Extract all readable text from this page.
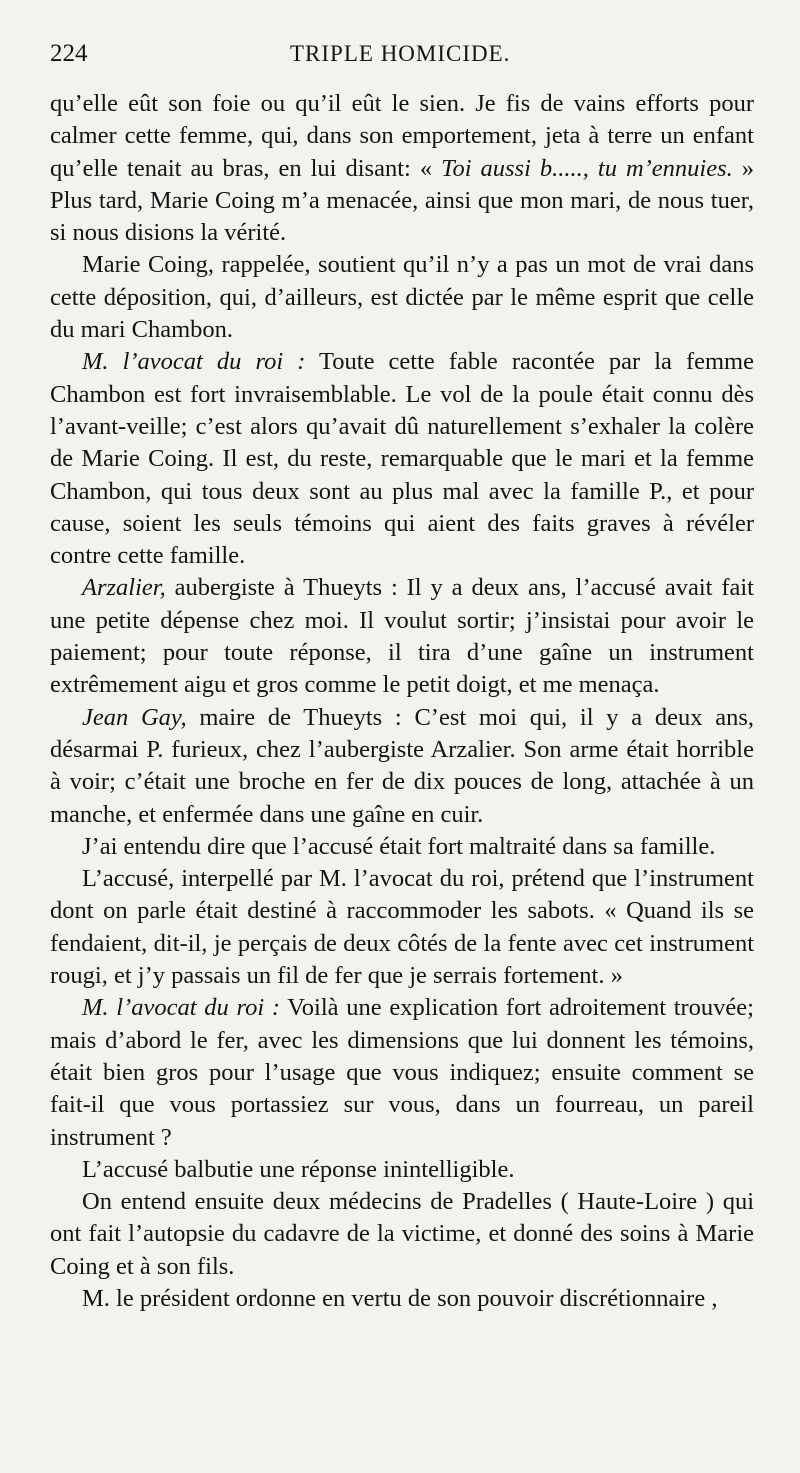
224	TRIPLE HOMICIDE.

qu’elle eût son foie ou qu’il eût le sien. Je fis de vains efforts pour calmer cette femme, qui, dans son emportement, jeta à terre un enfant qu’elle tenait au bras, en lui disant: « Toi aussi b....., tu m’ennuies. » Plus tard, Marie Coing m’a menacée, ainsi que mon mari, de nous tuer, si nous disions la vérité.

Marie Coing, rappelée, soutient qu’il n’y a pas un mot de vrai dans cette déposition, qui, d’ailleurs, est dictée par le même esprit que celle du mari Chambon.

M. l’avocat du roi : Toute cette fable racontée par la femme Chambon est fort invraisemblable. Le vol de la poule était connu dès l’avant-veille; c’est alors qu’avait dû naturellement s’exhaler la colère de Marie Coing. Il est, du reste, remarquable que le mari et la femme Chambon, qui tous deux sont au plus mal avec la famille P., et pour cause, soient les seuls témoins qui aient des faits graves à révéler contre cette famille.

Arzalier, aubergiste à Thueyts : Il y a deux ans, l’accusé avait fait une petite dépense chez moi. Il voulut sortir; j’insistai pour avoir le paiement; pour toute réponse, il tira d’une gaîne un instrument extrêmement aigu et gros comme le petit doigt, et me menaça.

Jean Gay, maire de Thueyts : C’est moi qui, il y a deux ans, désarmai P. furieux, chez l’aubergiste Arzalier. Son arme était horrible à voir; c’était une broche en fer de dix pouces de long, attachée à un manche, et enfermée dans une gaîne en cuir.

J’ai entendu dire que l’accusé était fort maltraité dans sa famille.

L’accusé, interpellé par M. l’avocat du roi, prétend que l’instrument dont on parle était destiné à raccommoder les sabots. « Quand ils se fendaient, dit-il, je perçais de deux côtés de la fente avec cet instrument rougi, et j’y passais un fil de fer que je serrais fortement. »

M. l’avocat du roi : Voilà une explication fort adroitement trouvée; mais d’abord le fer, avec les dimensions que lui donnent les témoins, était bien gros pour l’usage que vous indiquez; ensuite comment se fait-il que vous portassiez sur vous, dans un fourreau, un pareil instrument ?

L’accusé balbutie une réponse inintelligible.

On entend ensuite deux médecins de Pradelles ( Haute-Loire ) qui ont fait l’autopsie du cadavre de la victime, et donné des soins à Marie Coing et à son fils.

M. le président ordonne en vertu de son pouvoir discrétionnaire ,
